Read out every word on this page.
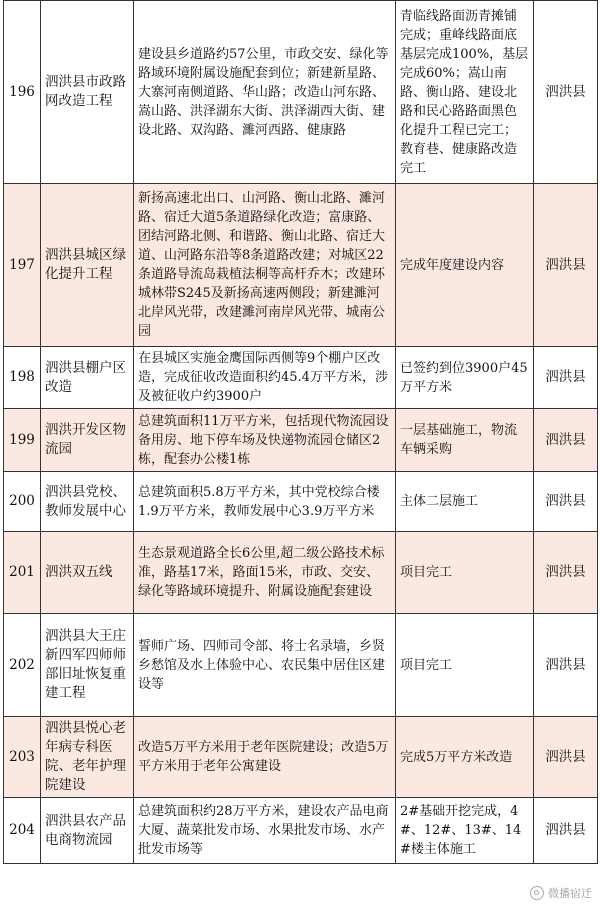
196	泗洪县市政路网改造工程	建设县乡道路约57公里，市政交安、绿化等路域环境附属设施配套到位；新建新星路、大寨河南侧道路、华山路；改造山河东路、嵩山路、洪泽湖东大街、洪泽湖西大街、建设北路、双沟路、濉河西路、健康路	青临线路面沥青摊铺完成；重峰线路面底基层完成100%，基层完成60%；嵩山南路、衡山路、建设北路和民心路路面黑色化提升工程已完工；教育巷、健康路改造完工	泗洪县
197	泗洪县城区绿化提升工程	新扬高速北出口、山河路、衡山北路、濉河路、宿迁大道5条道路绿化改造；富康路、团结河路北侧、和谐路、衡山北路、宿迁大道、山河路东沿等8条道路改建；对城区22条道路导流岛栽植法桐等高杆乔木；改建环城林带S245及新扬高速两侧段；新建濉河北岸风光带，改建濉河南岸风光带、城南公园	完成年度建设内容	泗洪县
198	泗洪县棚户区改造	在县城区实施金鹰国际西侧等9个棚户区改造，完成征收改造面积约45.4万平方米，涉及被征收户约3900户	已签约到位3900户45万平方米	泗洪县
199	泗洪开发区物流园	总建筑面积11万平方米，包括现代物流园设备用房、地下停车场及快递物流园仓储区2栋，配套办公楼1栋	一层基础施工，物流车辆采购	泗洪县
200	泗洪县党校、教师发展中心	总建筑面积5.8万平方米，其中党校综合楼1.9万平方米，教师发展中心3.9万平方米	主体二层施工	泗洪县
201	泗洪双五线	生态景观道路全长6公里,超二级公路技术标准，路基17米，路面15米，市政、交安、绿化等路域环境提升、附属设施配套建设	项目完工	泗洪县
202	泗洪县大王庄新四军四师师部旧址恢复重建工程	誓师广场、四师司令部、将士名录墙，乡贤乡愁馆及水上体验中心、农民集中居住区建设等	项目完工	泗洪县
203	泗洪县悦心老年病专科医院、老年护理院建设	改造5万平方米用于老年医院建设；改造5万平方米用于老年公寓建设	完成5万平方米改造	泗洪县
204	泗洪县农产品电商物流园	总建筑面积约28万平方米，建设农产品电商大厦、蔬菜批发市场、水果批发市场、水产批发市场等	2#基础开挖完成，4#、12#、13#、14#楼主体施工	泗洪县
微播宿迁
